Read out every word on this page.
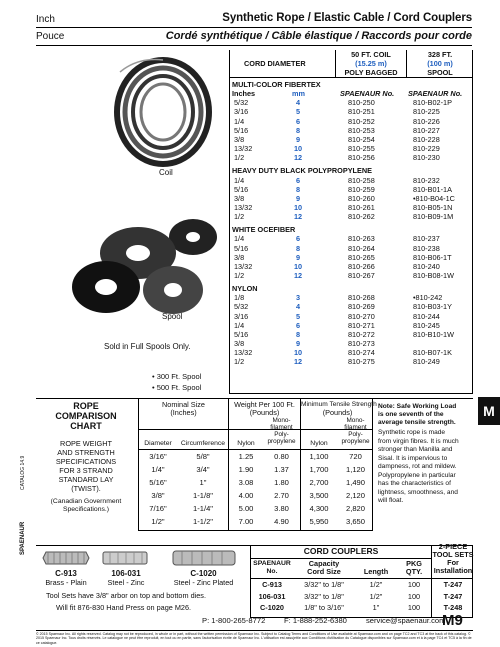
Inch
Pouce
Synthetic Rope / Elastic Cable / Cord Couplers
Cordé synthétique / Câble élastique / Raccords pour corde
Coil
Spool
Sold in Full Spools Only.
• 300 Ft. Spool
• 500 Ft. Spool
50 FT. COIL
(15.25 m)
POLY BAGGED
328 FT.
(100 m)
SPOOL
CORD DIAMETER
MULTI-COLOR FIBERTEX
Inches	mm	SPAENAUR No. SPAENAUR No.
5/32	4	810-250	810-B02-1P
3/16	5	810-251	810-225
1/4	6	810-252	810-226
5/16	8	810-253	810-227
3/8	9	810-254	810-228
13/32	10	810-255	810-229
1/2	12	810-256	810-230
HEAVY DUTY BLACK POLYPROPYLENE
1/4	6	810-258	810-232
5/16	8	810-259	810-B01-1A
3/8	9	810-260	•810-B04-1C
13/32	10	810-261	810-B05-1N
1/2	12	810-262	810-B09-1M
WHITE OCEFIBER
1/4	6	810-263	810-237
5/16	8	810-264	810-238
3/8	9	810-265	810-B06-1T
13/32	10	810-266	810-240
1/2	12	810-267	810-B08-1W
NYLON
1/8	3	810-268	•810-242
5/32	4	810-269	810-B03-1Y
3/16	5	810-270	810-244
1/4	6	810-271	810-245
5/16	8	810-272	810-B10-1W
3/8	9	810-273
13/32	10	810-274	810-B07-1K
1/2	12	810-275	810-249
M
ROPE
COMPARISON
CHART
ROPE WEIGHT
AND STRENGTH
SPECIFICATIONS
FOR 3 STRAND
STANDARD LAY
(TWIST).
(Canadian Government
Specifications.)
Nominal Size
(Inches)
Weight Per 100 Ft.
(Pounds)
Minimum Tensile Strength
(Pounds)
Mono-
filament
Mono-
filament
Diameter	Circumference	Nylon
Poly-
propylene	Nylon
Poly-
propylene
3/16"	5/8"	1.25	0.80	1,100	720
1/4"	3/4"	1.90	1.37	1,700	1,120
5/16"	1"	3.08	1.80	2,700	1,490
3/8"	1-1/8"	4.00	2.70	3,500	2,120
7/16"	1-1/4"	5.00	3.80	4,300	2,820
1/2"	1-1/2"	7.00	4.90	5,950	3,650
Note: Safe Working Load
is one seventh of the
average tensile strength.
Synthetic rope is made
from virgin fibres. It is much
stronger than Manilla and
Sisal. It is impervious to
dampness, rot and mildew.
Polypropylene in particular
has the characteristics of
lightness, smoothness, and
will float.
C-913
Brass - Plain
106-031
Steel - Zinc
C-1020
Steel - Zinc Plated
Tool Sets have 3/8" arbor on top and bottom dies.
CORD COUPLERS
SPAENAUR
No.
Capacity
Cord Size	Length
PKG
QTY.
2-PIECE
TOOL SETS
For
Installation
C-913	3/32" to 1/8"	1/2"	100	T-247
106-031	3/32" to 1/8"	1/2"	100	T-247
C-1020	1/8" to 3/16"	1"	100	T-248
Will fit 876-830 Hand Press on page M26.
P: 1-800-265-8772 F: 1-888-252-6380	service@spaenaur.com
M9
© 2015 Spaenaur Inc. All rights reserved. Catalog may not be reproduced, in whole or in part, without the written permission of Spaenaur Inc. Subject to Catalog Terms and Conditions of Use available at Spaenaur.com and on page TC2 and TC3 at the back of this catalog. © 2015 Spaenaur Inc. Tous droits réservés. Le catalogue ne peut être reproduit, en tout ou en partie, sans l'autorisation écrite de Spaenaur Inc. L'utilisation est assujettie aux Conditions d'utilisation du Catalogue disponibles sur Spaenaur.com et à la page TC4 et TC5 à la fin de ce catalogue.
SPAENAUR
CATALOG 14.9
